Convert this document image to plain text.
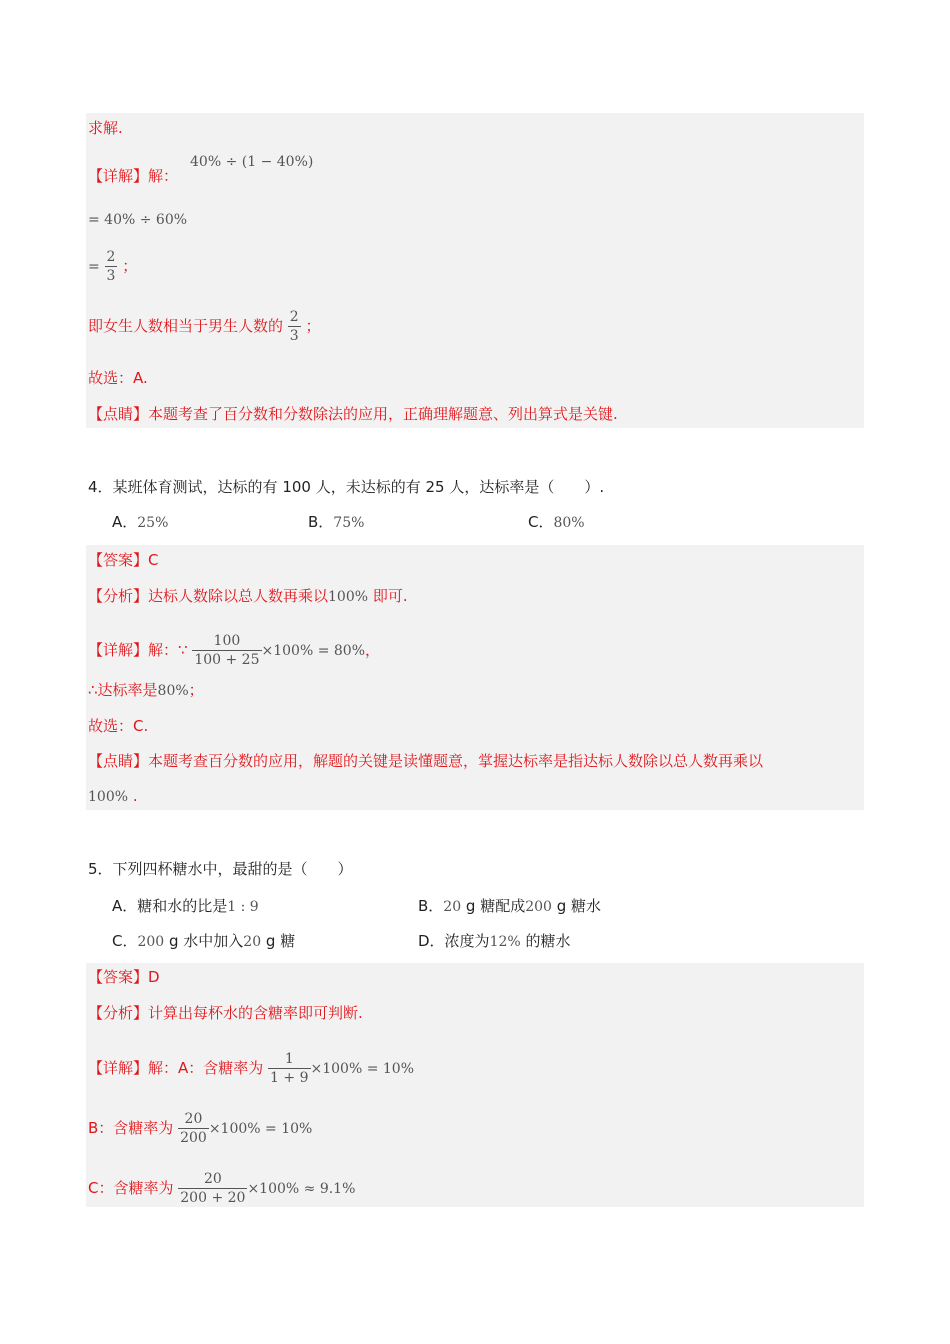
求解.
【详解】解：
40% ÷ (1 − 40%)
= 40% ÷ 60%
= $\frac{2}{3}$ ；
即女生人数相当于男生人数的 $\frac{2}{3}$ ；
故选：A.
【点睛】本题考查了百分数和分数除法的应用，正确理解题意、列出算式是关键.
4．某班体育测试，达标的有 100 人，未达标的有 25 人，达标率是（　　）.
A．25%	B．75%	C．80%
【答案】C
【分析】达标人数除以总人数再乘以100% 即可.
【详解】解：∵ $\frac{100}{100 + 25} \times 100\% = 80\%$，
∴达标率是80%；
故选：C.
【点睛】本题考查百分数的应用，解题的关键是读懂题意，掌握达标率是指达标人数除以总人数再乘以
100% .
5．下列四杯糖水中，最甜的是（　　）
A．糖和水的比是1 : 9	B．20 g 糖配成200 g 糖水
C．200 g 水中加入20 g 糖	D．浓度为12% 的糖水
【答案】D
【分析】计算出每杯水的含糖率即可判断.
【详解】解：A：含糖率为 $\frac{1}{1 + 9} \times 100\% = 10\%$
B：含糖率为 $\frac{20}{200} \times 100\% = 10\%$
C：含糖率为 $\frac{20}{200 + 20} \times 100\% \approx 9.1\%$
